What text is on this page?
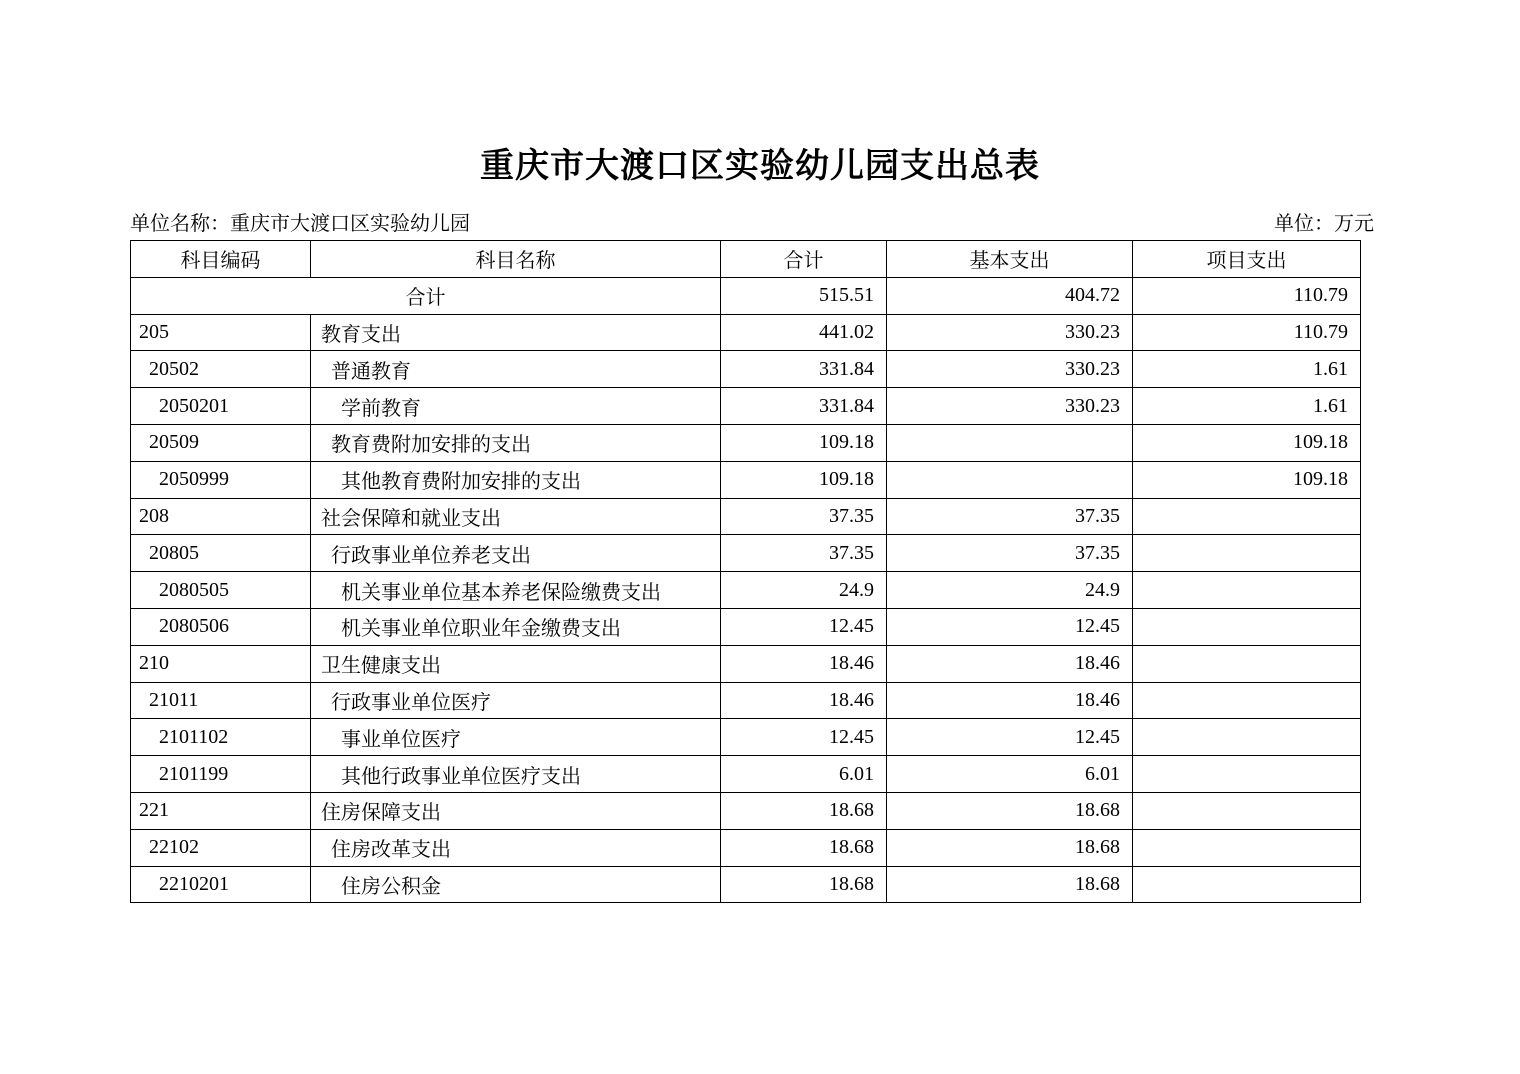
重庆市大渡口区实验幼儿园支出总表
单位名称：重庆市大渡口区实验幼儿园	单位：万元
科目编码	科目名称	合计	基本支出	项目支出
合计		515.51	404.72	110.79
205	教育支出	441.02	330.23	110.79
20502	普通教育	331.84	330.23	1.61
2050201	学前教育	331.84	330.23	1.61
20509	教育费附加安排的支出	109.18		109.18
2050999	其他教育费附加安排的支出	109.18		109.18
208	社会保障和就业支出	37.35	37.35	
20805	行政事业单位养老支出	37.35	37.35	
2080505	机关事业单位基本养老保险缴费支出	24.9	24.9	
2080506	机关事业单位职业年金缴费支出	12.45	12.45	
210	卫生健康支出	18.46	18.46	
21011	行政事业单位医疗	18.46	18.46	
2101102	事业单位医疗	12.45	12.45	
2101199	其他行政事业单位医疗支出	6.01	6.01	
221	住房保障支出	18.68	18.68	
22102	住房改革支出	18.68	18.68	
2210201	住房公积金	18.68	18.68	
